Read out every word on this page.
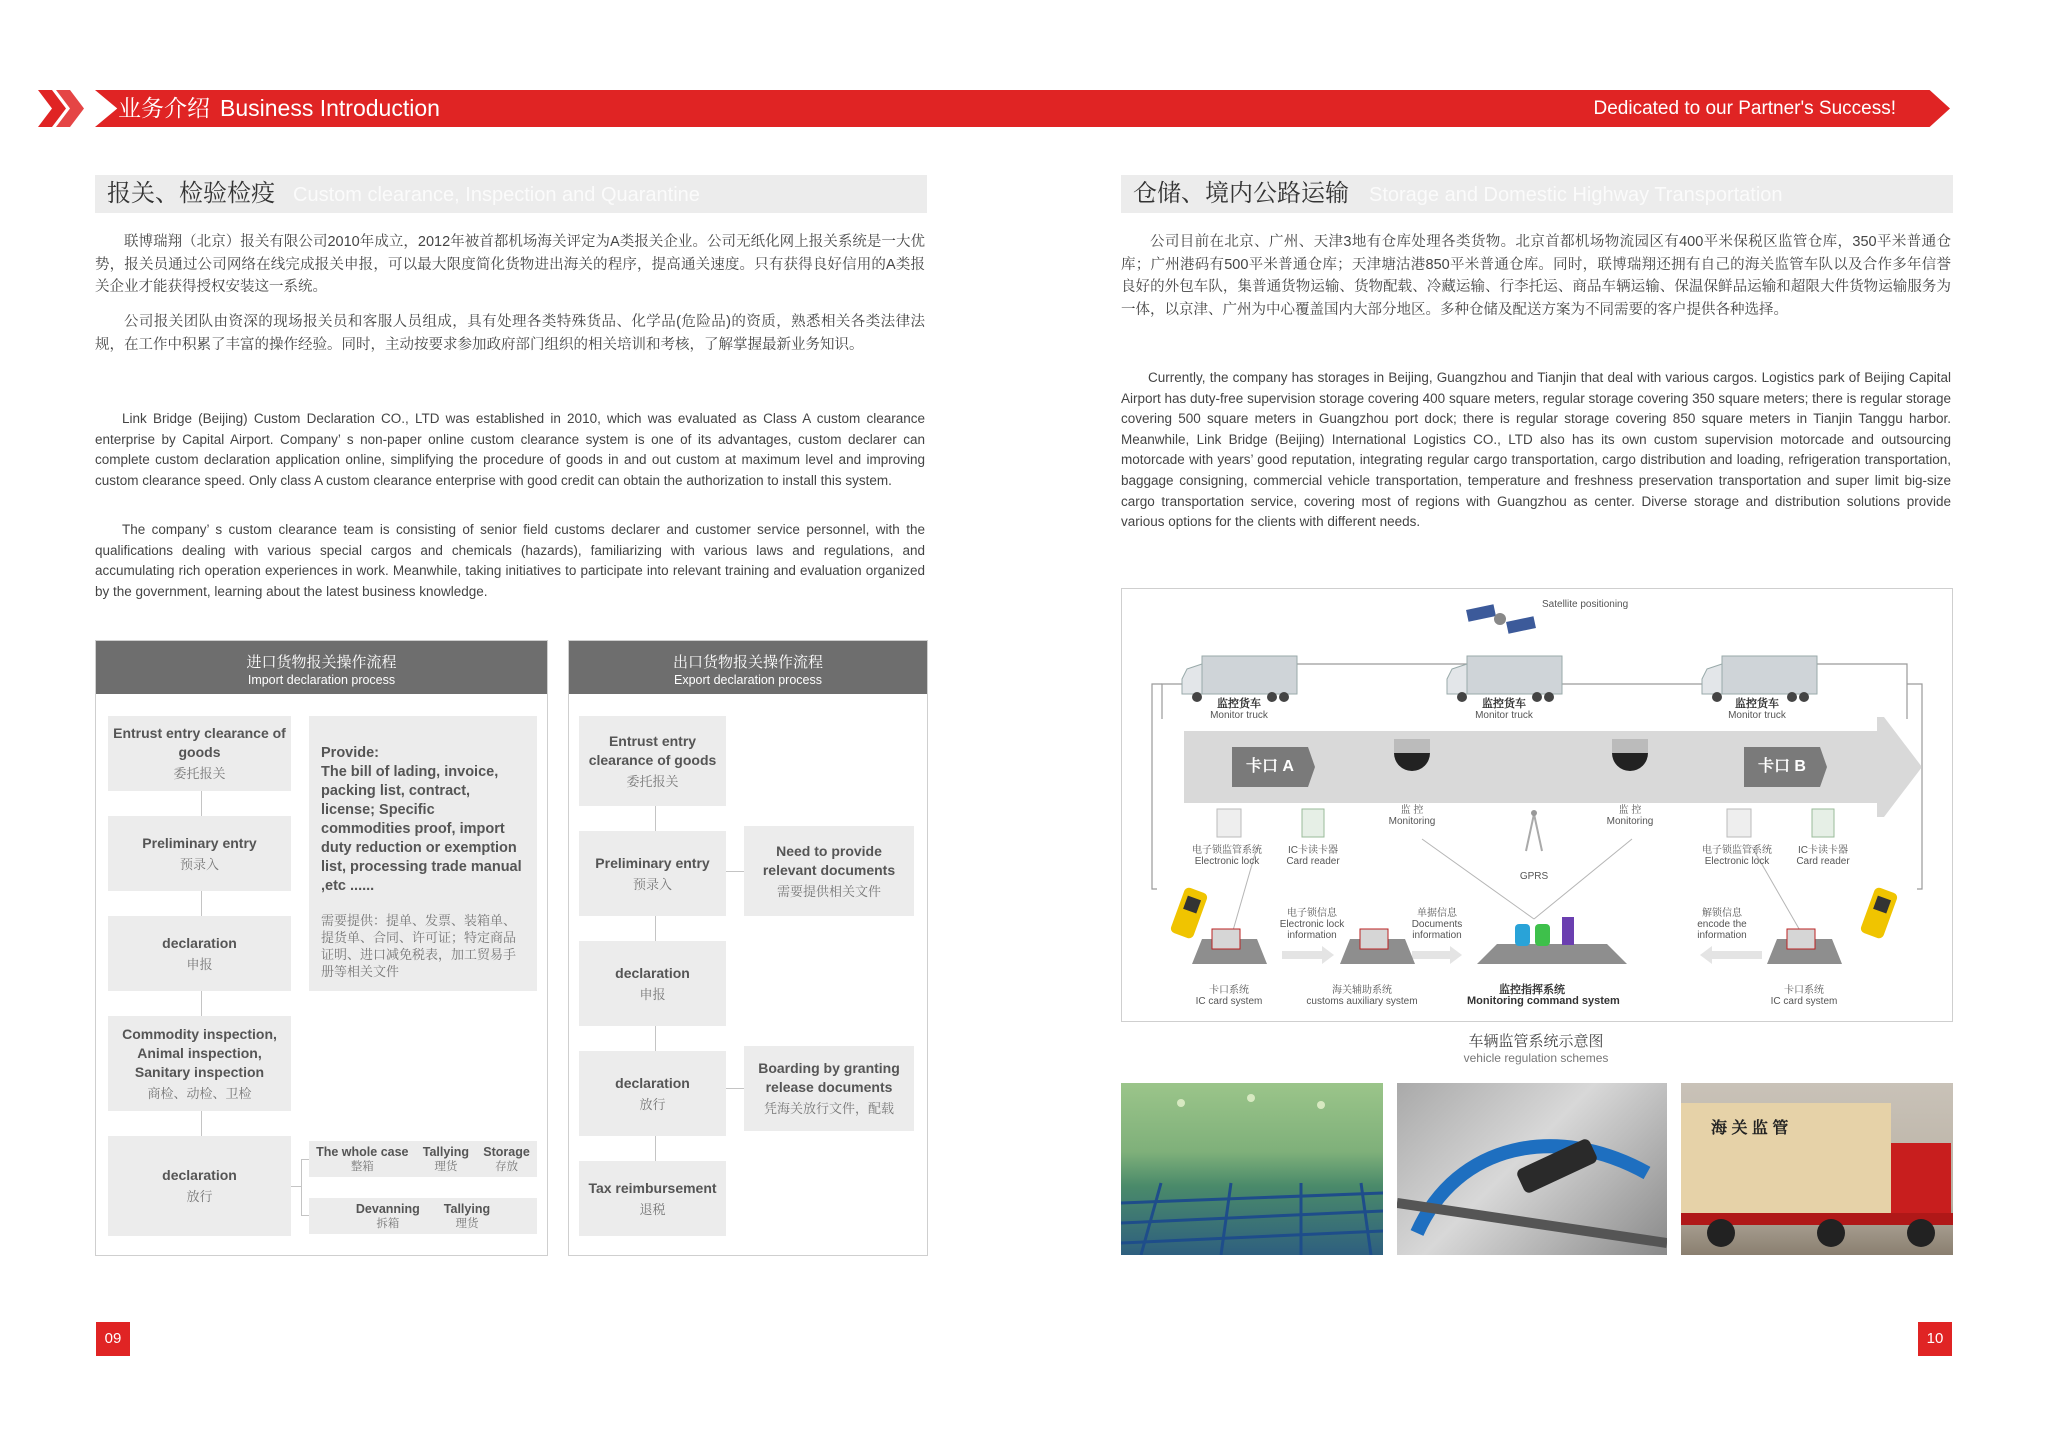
业务介绍 Business Introduction	Dedicated to our Partner's Success!
报关、检验检疫 Custom clearance, Inspection and Quarantine

联博瑞翔（北京）报关有限公司2010年成立，2012年被首都机场海关评定为A类报关企业。公司无纸化网上报关系统是一大优势，报关员通过公司网络在线完成报关申报，可以最大限度简化货物进出海关的程序，提高通关速度。只有获得良好信用的A类报关企业才能获得授权安装这一系统。

公司报关团队由资深的现场报关员和客服人员组成，具有处理各类特殊货品、化学品(危险品)的资质，熟悉相关各类法律法规，在工作中积累了丰富的操作经验。同时，主动按要求参加政府部门组织的相关培训和考核，了解掌握最新业务知识。

Link Bridge (Beijing) Custom Declaration CO., LTD was established in 2010, which was evaluated as Class A custom clearance enterprise by Capital Airport. Company’ s non-paper online custom clearance system is one of its advantages, custom declarer can complete custom declaration application online, simplifying the procedure of goods in and out custom at maximum level and improving custom clearance speed. Only class A custom clearance enterprise with good credit can obtain the authorization to install this system.

The company’ s custom clearance team is consisting of senior field customs declarer and customer service personnel, with the qualifications dealing with various special cargos and chemicals (hazards), familiarizing with various laws and regulations, and accumulating rich operation experiences in work. Meanwhile, taking initiatives to participate into relevant training and evaluation organized by the government, learning about the latest business knowledge.

进口货物报关操作流程
Import declaration process
Entrust entry clearance of goods
委托报关
Preliminary entry
预录入
declaration
申报
Commodity inspection, Animal inspection, Sanitary inspection
商检、动检、卫检
declaration
放行
Provide:
The bill of lading, invoice, packing list, contract, license; Specific commodities proof, import duty reduction or exemption list, processing trade manual ,etc ......
需要提供：提单、发票、装箱单、提货单、合同、许可证；特定商品证明、进口减免税表，加工贸易手册等相关文件
The whole case
整箱
Tallying
理货
Storage
存放
Devanning
拆箱
Tallying
理货
出口货物报关操作流程
Export declaration process
Entrust entry clearance of goods
委托报关
Preliminary entry
预录入
declaration
申报
declaration
放行
Tax reimbursement
退税
Need to provide relevant documents
需要提供相关文件
Boarding by granting release documents
凭海关放行文件，配载
09
仓储、境内公路运输 Storage and Domestic Highway Transportation

公司目前在北京、广州、天津3地有仓库处理各类货物。北京首都机场物流园区有400平米保税区监管仓库，350平米普通仓库；广州港码有500平米普通仓库；天津塘沽港850平米普通仓库。同时，联博瑞翔还拥有自己的海关监管车队以及合作多年信誉良好的外包车队，集普通货物运输、货物配载、冷藏运输、行李托运、商品车辆运输、保温保鲜品运输和超限大件货物运输服务为一体，以京津、广州为中心覆盖国内大部分地区。多种仓储及配送方案为不同需要的客户提供各种选择。

Currently, the company has storages in Beijing, Guangzhou and Tianjin that deal with various cargos. Logistics park of Beijing Capital Airport has duty-free supervision storage covering 400 square meters, regular storage covering 350 square meters; there is regular storage covering 500 square meters in Guangzhou port dock; there is regular storage covering 850 square meters in Tianjin Tanggu harbor. Meanwhile, Link Bridge (Beijing) International Logistics CO., LTD also has its own custom supervision motorcade and outsourcing motorcade with years’ good reputation, integrating regular cargo transportation, cargo distribution and loading, refrigeration transportation, baggage consigning, commercial vehicle transportation, temperature and freshness preservation transportation and super limit big-size cargo transportation service, covering most of regions with Guangzhou as center. Diverse storage and distribution solutions provide various options for the clients with different needs.

Satellite positioning
监控货车
Monitor truck
监控货车
Monitor truck
监控货车
Monitor truck
卡口 A	卡口 B
监 控
Monitoring
监 控
Monitoring
电子锁监管系统
Electronic lock
IC卡读卡器
Card reader
电子锁监管系统
Electronic lock
IC卡读卡器
Card reader
GPRS
电子锁信息
Electronic lock
information
单据信息
Documents
information
解锁信息
encode the
information
卡口系统
IC card system
海关辅助系统
customs auxiliary system
监控指挥系统
Monitoring command system
卡口系统
IC card system
车辆监管系统示意图
vehicle regulation schemes
海 关 监 管
10
